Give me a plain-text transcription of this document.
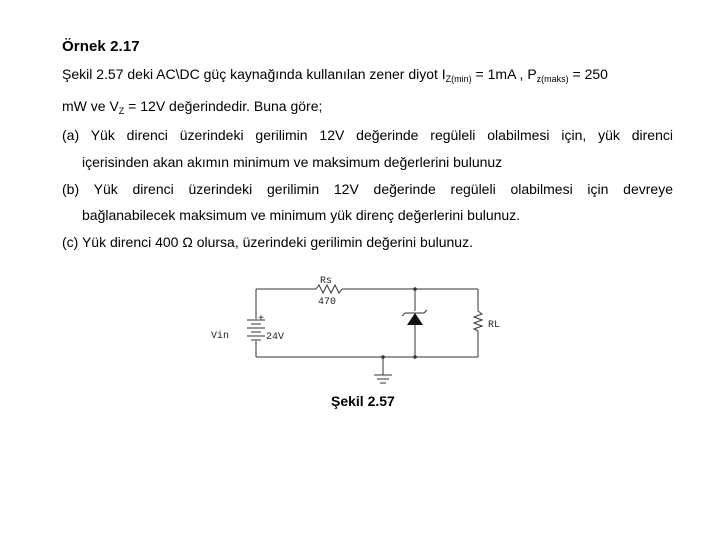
Örnek 2.17
Şekil 2.57 deki AC\DC güç kaynağında kullanılan zener diyot $I_{Z(min)} = 1mA$ , $P_{z(maks)} = 250$
mW ve $V_Z = 12V$ değerindedir. Buna göre;
(a) Yük direnci üzerindeki gerilimin 12V değerinde regüleli olabilmesi için, yük direnci
içerisinden akan akımın minimum ve maksimum değerlerini bulunuz
(b) Yük direnci üzerindeki gerilimin 12V değerinde regüleli olabilmesi için devreye
bağlanabilecek maksimum ve minimum yük direnç değerlerini bulunuz.
(c) Yük direnci 400 Ω olursa, üzerindeki gerilimin değerini bulunuz.
Rs
470
Vin	24V
+
RL
Şekil 2.57
